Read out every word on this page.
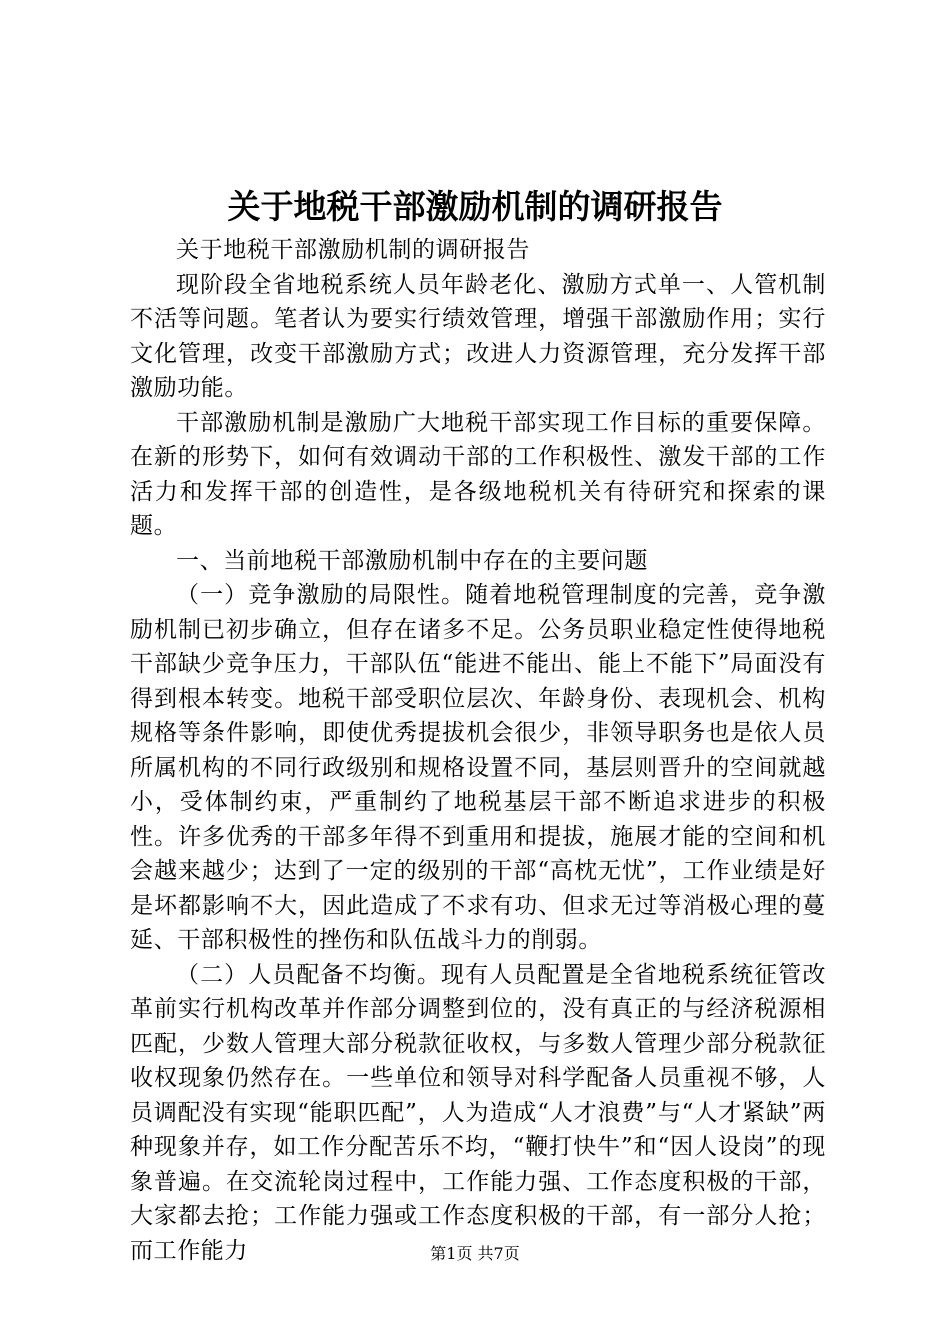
关于地税干部激励机制的调研报告

关于地税干部激励机制的调研报告

现阶段全省地税系统人员年龄老化、激励方式单一、人管机制不活等问题。笔者认为要实行绩效管理，增强干部激励作用；实行文化管理，改变干部激励方式；改进人力资源管理，充分发挥干部激励功能。

干部激励机制是激励广大地税干部实现工作目标的重要保障。在新的形势下，如何有效调动干部的工作积极性、激发干部的工作活力和发挥干部的创造性，是各级地税机关有待研究和探索的课题。

一、当前地税干部激励机制中存在的主要问题

（一）竞争激励的局限性。随着地税管理制度的完善，竞争激励机制已初步确立，但存在诸多不足。公务员职业稳定性使得地税干部缺少竞争压力，干部队伍“能进不能出、能上不能下”局面没有得到根本转变。地税干部受职位层次、年龄身份、表现机会、机构规格等条件影响，即使优秀提拔机会很少，非领导职务也是依人员所属机构的不同行政级别和规格设置不同，基层则晋升的空间就越小，受体制约束，严重制约了地税基层干部不断追求进步的积极性。许多优秀的干部多年得不到重用和提拔，施展才能的空间和机会越来越少；达到了一定的级别的干部“高枕无忧”，工作业绩是好是坏都影响不大，因此造成了不求有功、但求无过等消极心理的蔓延、干部积极性的挫伤和队伍战斗力的削弱。

（二）人员配备不均衡。现有人员配置是全省地税系统征管改革前实行机构改革并作部分调整到位的，没有真正的与经济税源相匹配，少数人管理大部分税款征收权，与多数人管理少部分税款征收权现象仍然存在。一些单位和领导对科学配备人员重视不够，人员调配没有实现“能职匹配”，人为造成“人才浪费”与“人才紧缺”两种现象并存，如工作分配苦乐不均，“鞭打快牛”和“因人设岗”的现象普遍。在交流轮岗过程中，工作能力强、工作态度积极的干部，大家都去抢；工作能力强或工作态度积极的干部，有一部分人抢；而工作能力	第1页 共7页
